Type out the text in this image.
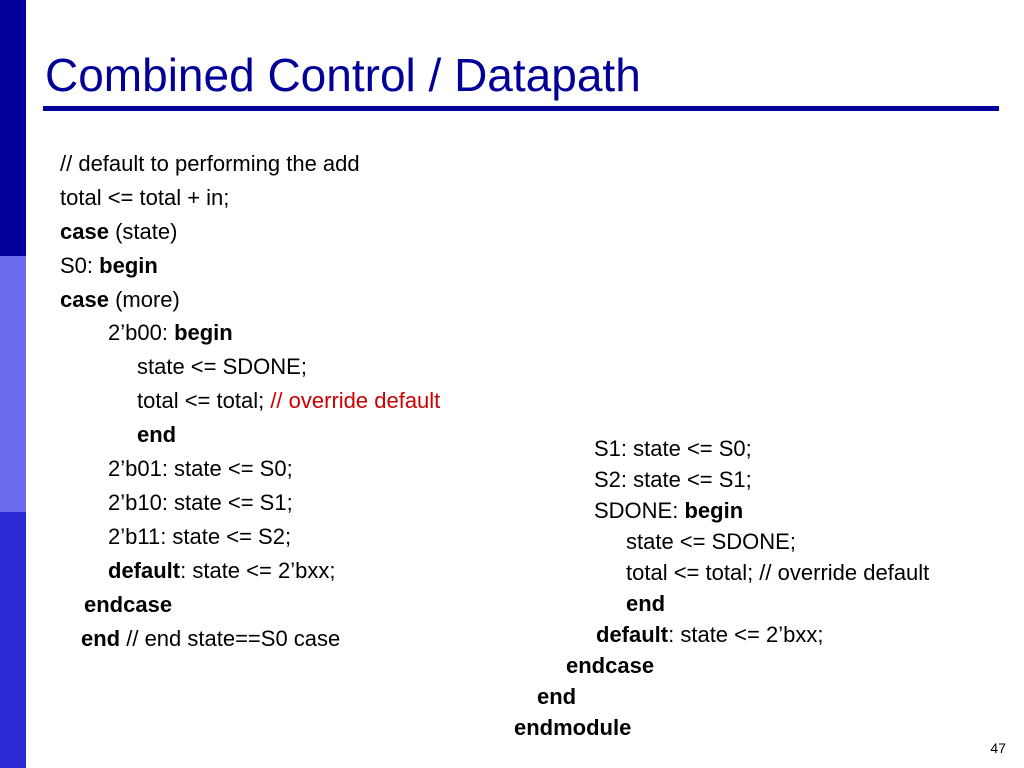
Combined Control / Datapath
// default to performing the add
total <= total + in;
case (state)
S0: begin
case (more)
2’b00: begin
state <= SDONE;
total <= total; // override default
end
2’b01: state <= S0;
2’b10: state <= S1;
2’b11: state <= S2;
default: state <= 2’bxx;
endcase
end // end state==S0 case
S1: state <= S0;
S2: state <= S1;
SDONE: begin
state <= SDONE;
total <= total; // override default
end
default: state <= 2’bxx;
endcase
end
endmodule
47
